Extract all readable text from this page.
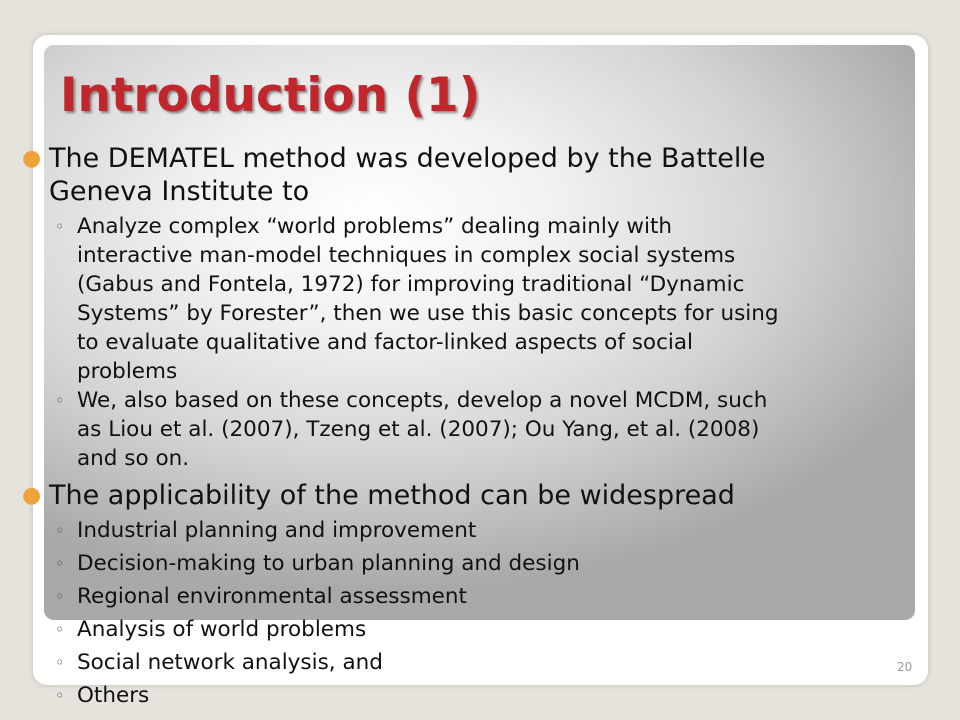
Introduction (1)
● The DEMATEL method was developed by the Battelle
Geneva Institute to
◦ Analyze complex “world problems” dealing mainly with
interactive man-model techniques in complex social systems
(Gabus and Fontela, 1972) for improving traditional “Dynamic
Systems” by Forester”, then we use this basic concepts for using
to evaluate qualitative and factor-linked aspects of social
problems
◦ We, also based on these concepts, develop a novel MCDM, such
as Liou et al. (2007), Tzeng et al. (2007); Ou Yang, et al. (2008)
and so on.
● The applicability of the method can be widespread
◦ Industrial planning and improvement
◦ Decision-making to urban planning and design
◦ Regional environmental assessment
◦ Analysis of world problems
◦ Social network analysis, and
◦ Others
20
